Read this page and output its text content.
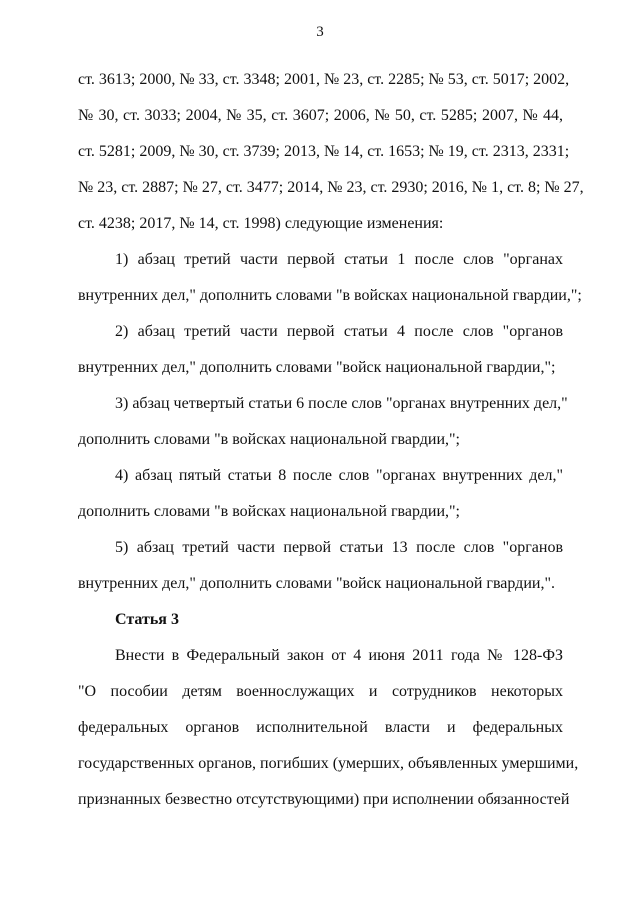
3
ст. 3613; 2000, № 33, ст. 3348; 2001, № 23, ст. 2285; № 53, ст. 5017; 2002,
№ 30, ст. 3033; 2004, № 35, ст. 3607; 2006, № 50, ст. 5285; 2007, № 44,
ст. 5281; 2009, № 30, ст. 3739; 2013, № 14, ст. 1653; № 19, ст. 2313, 2331;
№ 23, ст. 2887; № 27, ст. 3477; 2014, № 23, ст. 2930; 2016, № 1, ст. 8; № 27,
ст. 4238; 2017, № 14, ст. 1998) следующие изменения:
1) абзац третий части первой статьи 1 после слов "органах
внутренних дел," дополнить словами "в войсках национальной гвардии,";
2) абзац третий части первой статьи 4 после слов "органов
внутренних дел," дополнить словами "войск национальной гвардии,";
3) абзац четвертый статьи 6 после слов "органах внутренних дел,"
дополнить словами "в войсках национальной гвардии,";
4) абзац пятый статьи 8 после слов "органах внутренних дел,"
дополнить словами "в войсках национальной гвардии,";
5) абзац третий части первой статьи 13 после слов "органов
внутренних дел," дополнить словами "войск национальной гвардии,".
Статья 3
Внести в Федеральный закон от 4 июня 2011 года № 128-ФЗ
"О пособии детям военнослужащих и сотрудников некоторых
федеральных органов исполнительной власти и федеральных
государственных органов, погибших (умерших, объявленных умершими,
признанных безвестно отсутствующими) при исполнении обязанностей
